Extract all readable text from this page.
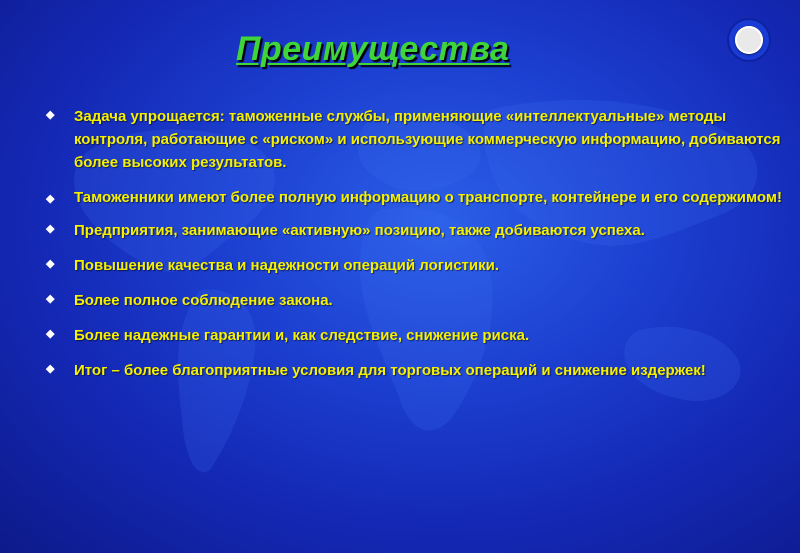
Преимущества
◆	Задача упрощается: таможенные службы, применяющие «интеллектуальные» методы контроля, работающие с «риском» и использующие коммерческую информацию, добиваются более высоких результатов.
◆	Таможенники имеют более полную информацию о транспорте, контейнере и его содержимом!
◆	Предприятия, занимающие «активную» позицию, также добиваются успеха.
◆	Повышение качества и надежности операций логистики.
◆	Более полное соблюдение закона.
◆	Более надежные гарантии и, как следствие, снижение риска.
◆	Итог – более благоприятные условия для торговых операций и снижение издержек!
